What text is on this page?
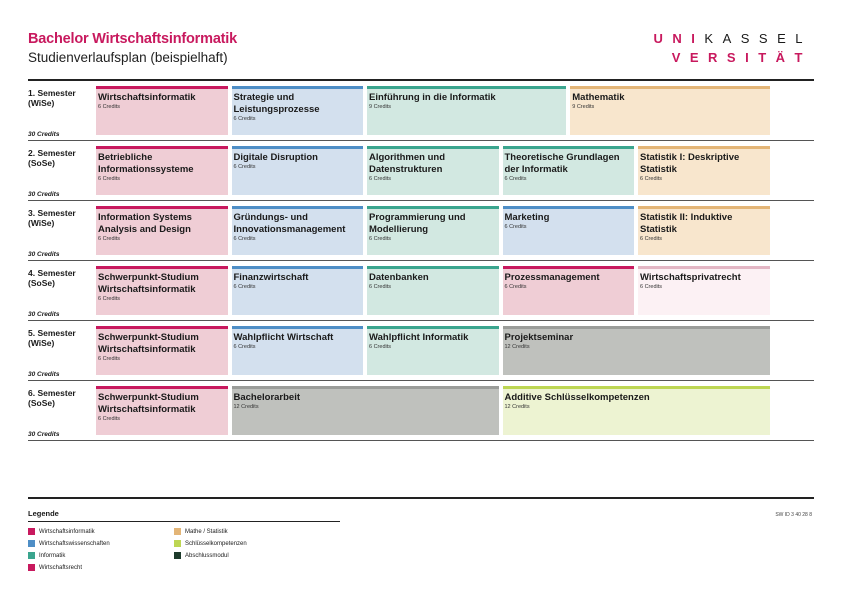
Bachelor Wirtschaftsinformatik
Studienverlaufsplan (beispielhaft)
UNIKASSEL
VERSITÄT
1. Semester
(WiSe)
30 Credits
Wirtschaftsinformatik
6 Credits
Strategie und Leistungsprozesse
6 Credits
Einführung in die Informatik
9 Credits
Mathematik
9 Credits
2. Semester
(SoSe)
30 Credits
Betriebliche Informationssysteme
6 Credits
Digitale Disruption
6 Credits
Algorithmen und Datenstrukturen
6 Credits
Theoretische Grundlagen der Informatik
6 Credits
Statistik I: Deskriptive Statistik
6 Credits
3. Semester
(WiSe)
30 Credits
Information Systems Analysis and Design
6 Credits
Gründungs- und Innovationsmanagement
6 Credits
Programmierung und Modellierung
6 Credits
Marketing
6 Credits
Statistik II: Induktive Statistik
6 Credits
4. Semester
(SoSe)
30 Credits
Schwerpunkt-Studium Wirtschaftsinformatik
6 Credits
Finanzwirtschaft
6 Credits
Datenbanken
6 Credits
Prozessmanagement
6 Credits
Wirtschaftsprivatrecht
6 Credits
5. Semester
(WiSe)
30 Credits
Schwerpunkt-Studium Wirtschaftsinformatik
6 Credits
Wahlpflicht Wirtschaft
6 Credits
Wahlpflicht Informatik
6 Credits
Projektseminar
12 Credits
6. Semester
(SoSe)
30 Credits
Schwerpunkt-Studium Wirtschaftsinformatik
6 Credits
Bachelorarbeit
12 Credits
Additive Schlüsselkompetenzen
12 Credits
Legende	SW ID 3 40 28 8
Wirtschaftsinformatik
Wirtschaftswissenschaften
Informatik
Wirtschaftsrecht
Mathe / Statistik
Schlüsselkompetenzen
Abschlussmodul
